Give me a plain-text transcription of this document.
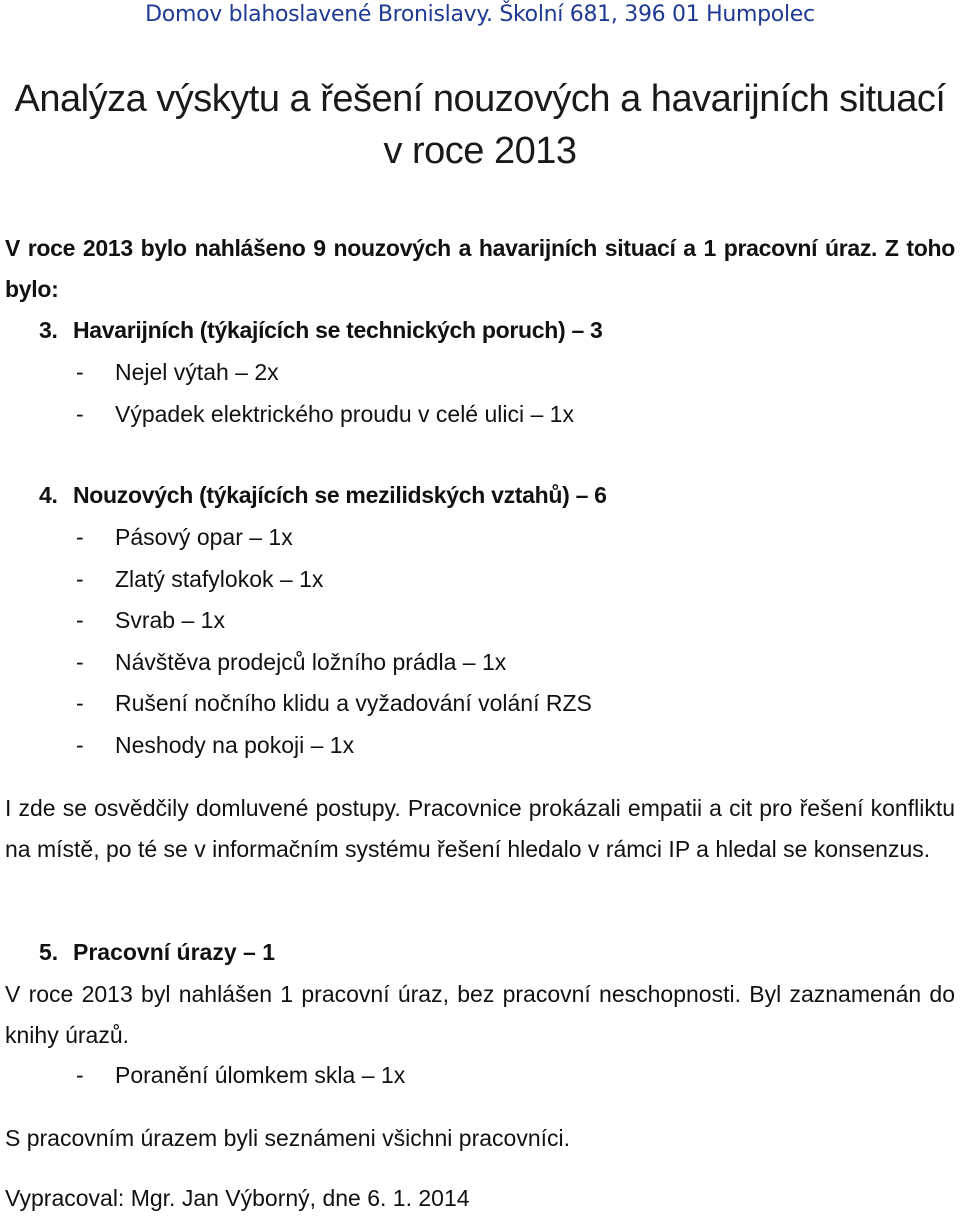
Domov blahoslavené Bronislavy. Školní 681, 396 01 Humpolec
Analýza výskytu a řešení nouzových a havarijních situací
v roce 2013
V roce 2013 bylo nahlášeno 9 nouzových a havarijních situací a 1 pracovní úraz. Z toho bylo:
3. Havarijních (týkajících se technických poruch) – 3
- Nejel výtah – 2x
- Výpadek elektrického proudu v celé ulici – 1x
4. Nouzových (týkajících se mezilidských vztahů) – 6
- Pásový opar – 1x
- Zlatý stafylokok – 1x
- Svrab – 1x
- Návštěva prodejců ložního prádla – 1x
- Rušení nočního klidu a vyžadování volání RZS
- Neshody na pokoji – 1x
I zde se osvědčily domluvené postupy. Pracovnice prokázali empatii a cit pro řešení konfliktu na místě, po té se v informačním systému řešení hledalo v rámci IP a hledal se konsenzus.
5. Pracovní úrazy – 1
V roce 2013 byl nahlášen 1 pracovní úraz, bez pracovní neschopnosti. Byl zaznamenán do knihy úrazů.
- Poranění úlomkem skla – 1x
S pracovním úrazem byli seznámeni všichni pracovníci.
Vypracoval: Mgr. Jan Výborný, dne 6. 1. 2014
